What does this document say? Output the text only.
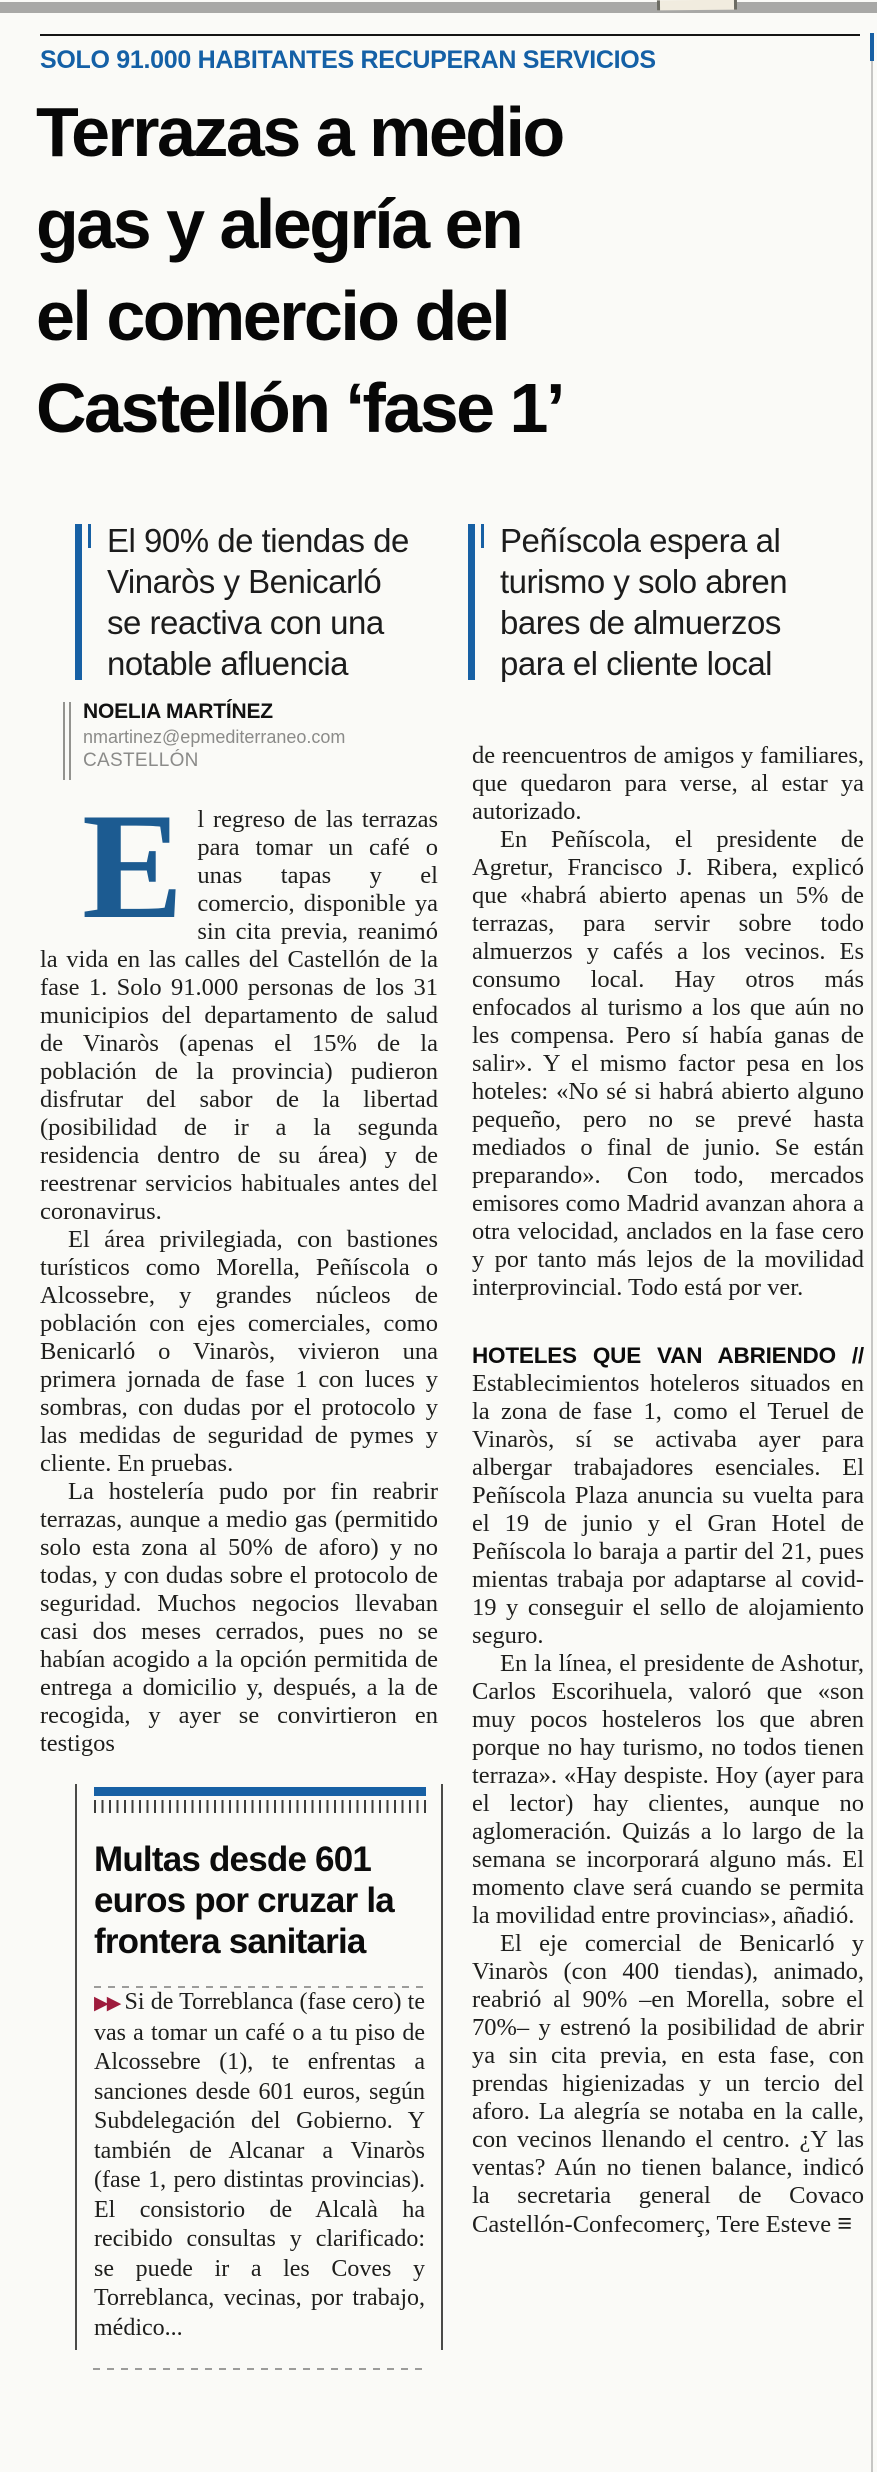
SOLO 91.000 HABITANTES RECUPERAN SERVICIOS
Terrazas a medio
gas y alegría en
el comercio del
Castellón ‘fase 1’
El 90% de tiendas de Vinaròs y Benicarló se reactiva con una notable afluencia
Peñíscola espera al turismo y solo abren bares de almuerzos para el cliente local
NOELIA MARTÍNEZ
nmartinez@epmediterraneo.com
CASTELLÓN

El regreso de las terrazas para tomar un café o unas tapas y el comercio, disponible ya sin cita previa, reanimó la vida en las calles del Castellón de la fase 1. Solo 91.000 personas de los 31 municipios del departamento de salud de Vinaròs (apenas el 15% de la población de la provincia) pudieron disfrutar del sabor de la libertad (posibilidad de ir a la segunda residencia dentro de su área) y de reestrenar servicios habituales antes del coronavirus.

El área privilegiada, con bastiones turísticos como Morella, Peñíscola o Alcossebre, y grandes núcleos de población con ejes comerciales, como Benicarló o Vinaròs, vivieron una primera jornada de fase 1 con luces y sombras, con dudas por el protocolo y las medidas de seguridad de pymes y cliente. En pruebas.

La hostelería pudo por fin reabrir terrazas, aunque a medio gas (permitido solo esta zona al 50% de aforo) y no todas, y con dudas sobre el protocolo de seguridad. Muchos negocios llevaban casi dos meses cerrados, pues no se habían acogido a la opción permitida de entrega a domicilio y, después, a la de recogida, y ayer se convirtieron en testigos

Multas desde 601 euros por cruzar la frontera sanitaria

▶▶ Si de Torreblanca (fase cero) te vas a tomar un café o a tu piso de Alcossebre (1), te enfrentas a sanciones desde 601 euros, según Subdelegación del Gobierno. Y también de Alcanar a Vinaròs (fase 1, pero distintas provincias). El consistorio de Alcalà ha recibido consultas y clarificado: se puede ir a les Coves y Torreblanca, vecinas, por trabajo, médico...

de reencuentros de amigos y familiares, que quedaron para verse, al estar ya autorizado.

En Peñíscola, el presidente de Agretur, Francisco J. Ribera, explicó que «habrá abierto apenas un 5% de terrazas, para servir sobre todo almuerzos y cafés a los vecinos. Es consumo local. Hay otros más enfocados al turismo a los que aún no les compensa. Pero sí había ganas de salir». Y el mismo factor pesa en los hoteles: «No sé si habrá abierto alguno pequeño, pero no se prevé hasta mediados o final de junio. Se están preparando». Con todo, mercados emisores como Madrid avanzan ahora a otra velocidad, anclados en la fase cero y por tanto más lejos de la movilidad interprovincial. Todo está por ver.

HOTELES QUE VAN ABRIENDO // Establecimientos hoteleros situados en la zona de fase 1, como el Teruel de Vinaròs, sí se activaba ayer para albergar trabajadores esenciales. El Peñíscola Plaza anuncia su vuelta para el 19 de junio y el Gran Hotel de Peñíscola lo baraja a partir del 21, pues mientas trabaja por adaptarse al covid-19 y conseguir el sello de alojamiento seguro.

En la línea, el presidente de Ashotur, Carlos Escorihuela, valoró que «son muy pocos hosteleros los que abren porque no hay turismo, no todos tienen terraza». «Hay despiste. Hoy (ayer para el lector) hay clientes, aunque no aglomeración. Quizás a lo largo de la semana se incorporará alguno más. El momento clave será cuando se permita la movilidad entre provincias», añadió.

El eje comercial de Benicarló y Vinaròs (con 400 tiendas), animado, reabrió al 90% –en Morella, sobre el 70%– y estrenó la posibilidad de abrir ya sin cita previa, en esta fase, con prendas higienizadas y un tercio del aforo. La alegría se notaba en la calle, con vecinos llenando el centro. ¿Y las ventas? Aún no tienen balance, indicó la secretaria general de Covaco Castellón-Confecomerç, Tere Esteve ≡
